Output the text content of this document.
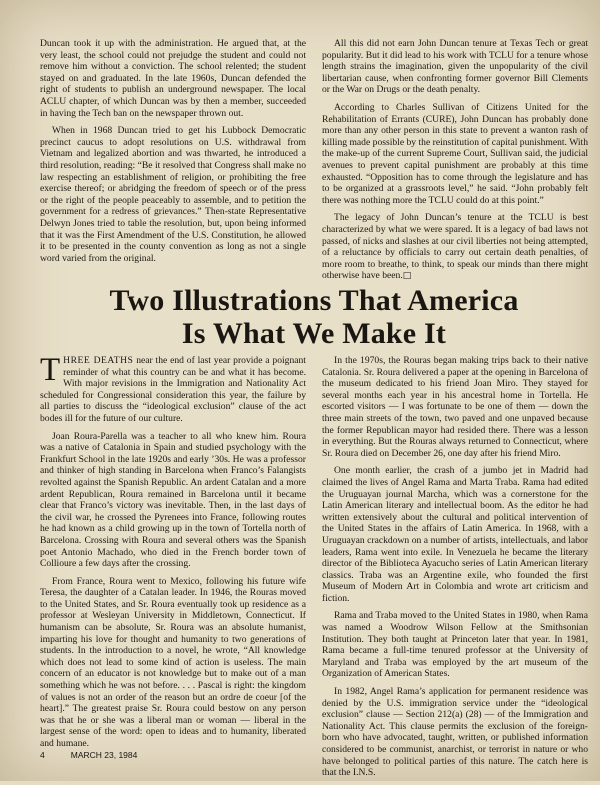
Duncan took it up with the administration. He argued that, at the very least, the school could not prejudge the student and could not remove him without a conviction. The school relented; the student stayed on and graduated. In the late 1960s, Duncan defended the right of students to publish an underground newspaper. The local ACLU chapter, of which Duncan was by then a member, succeeded in having the Tech ban on the newspaper thrown out.

When in 1968 Duncan tried to get his Lubbock Democratic precinct caucus to adopt resolutions on U.S. withdrawal from Vietnam and legalized abortion and was thwarted, he introduced a third resolution, reading: “Be it resolved that Congress shall make no law respecting an establishment of religion, or prohibiting the free exercise thereof; or abridging the freedom of speech or of the press or the right of the people peaceably to assemble, and to petition the government for a redress of grievances.” Then-state Representative Delwyn Jones tried to table the resolution, but, upon being informed that it was the First Amendment of the U.S. Constitution, he allowed it to be presented in the county convention as long as not a single word varied from the original.

All this did not earn John Duncan tenure at Texas Tech or great popularity. But it did lead to his work with TCLU for a tenure whose length strains the imagination, given the unpopularity of the civil libertarian cause, when confronting former governor Bill Clements or the War on Drugs or the death penalty.

According to Charles Sullivan of Citizens United for the Rehabilitation of Errants (CURE), John Duncan has probably done more than any other person in this state to prevent a wanton rash of killing made possible by the reinstitution of capital punishment. With the make-up of the current Supreme Court, Sullivan said, the judicial avenues to prevent capital punishment are probably at this time exhausted. “Opposition has to come through the legislature and has to be organized at a grassroots level,” he said. “John probably felt there was nothing more the TCLU could do at this point.”

The legacy of John Duncan’s tenure at the TCLU is best characterized by what we were spared. It is a legacy of bad laws not passed, of nicks and slashes at our civil liberties not being attempted, of a reluctance by officials to carry out certain death penalties, of more room to breathe, to think, to speak our minds than there might otherwise have been.□

Two Illustrations That America
Is What We Make It

THREE DEATHS near the end of last year provide a poignant reminder of what this country can be and what it has become. With major revisions in the Immigration and Nationality Act scheduled for Congressional consideration this year, the failure by all parties to discuss the “ideological exclusion” clause of the act bodes ill for the future of our culture.

Joan Roura-Parella was a teacher to all who knew him. Roura was a native of Catalonia in Spain and studied psychology with the Frankfurt School in the late 1920s and early ’30s. He was a professor and thinker of high standing in Barcelona when Franco’s Falangists revolted against the Spanish Republic. An ardent Catalan and a more ardent Republican, Roura remained in Barcelona until it became clear that Franco’s victory was inevitable. Then, in the last days of the civil war, he crossed the Pyrenees into France, following routes he had known as a child growing up in the town of Tortella north of Barcelona. Crossing with Roura and several others was the Spanish poet Antonio Machado, who died in the French border town of Collioure a few days after the crossing.

From France, Roura went to Mexico, following his future wife Teresa, the daughter of a Catalan leader. In 1946, the Rouras moved to the United States, and Sr. Roura eventually took up residence as a professor at Wesleyan University in Middletown, Connecticut. If humanism can be absolute, Sr. Roura was an absolute humanist, imparting his love for thought and humanity to two generations of students. In the introduction to a novel, he wrote, “All knowledge which does not lead to some kind of action is useless. The main concern of an educator is not knowledge but to make out of a man something which he was not before. . . . Pascal is right: the kingdom of values is not an order of the reason but an ordre de coeur [of the heart].” The greatest praise Sr. Roura could bestow on any person was that he or she was a liberal man or woman — liberal in the largest sense of the word: open to ideas and to humanity, liberated and humane.

In the 1970s, the Rouras began making trips back to their native Catalonia. Sr. Roura delivered a paper at the opening in Barcelona of the museum dedicated to his friend Joan Miro. They stayed for several months each year in his ancestral home in Tortella. He escorted visitors — I was fortunate to be one of them — down the three main streets of the town, two paved and one unpaved because the former Republican mayor had resided there. There was a lesson in everything. But the Rouras always returned to Connecticut, where Sr. Roura died on December 26, one day after his friend Miro.

One month earlier, the crash of a jumbo jet in Madrid had claimed the lives of Angel Rama and Marta Traba. Rama had edited the Uruguayan journal Marcha, which was a cornerstone for the Latin American literary and intellectual boom. As the editor he had written extensively about the cultural and political intervention of the United States in the affairs of Latin America. In 1968, with a Uruguayan crackdown on a number of artists, intellectuals, and labor leaders, Rama went into exile. In Venezuela he became the literary director of the Biblioteca Ayacucho series of Latin American literary classics. Traba was an Argentine exile, who founded the first Museum of Modern Art in Colombia and wrote art criticism and fiction.

Rama and Traba moved to the United States in 1980, when Rama was named a Woodrow Wilson Fellow at the Smithsonian Institution. They both taught at Princeton later that year. In 1981, Rama became a full-time tenured professor at the University of Maryland and Traba was employed by the art museum of the Organization of American States.

In 1982, Angel Rama’s application for permanent residence was denied by the U.S. immigration service under the “ideological exclusion” clause — Section 212(a) (28) — of the Immigration and Nationality Act. This clause permits the exclusion of the foreign-born who have advocated, taught, written, or published information considered to be communist, anarchist, or terrorist in nature or who have belonged to political parties of this nature. The catch here is that the I.N.S.

4	MARCH 23, 1984
